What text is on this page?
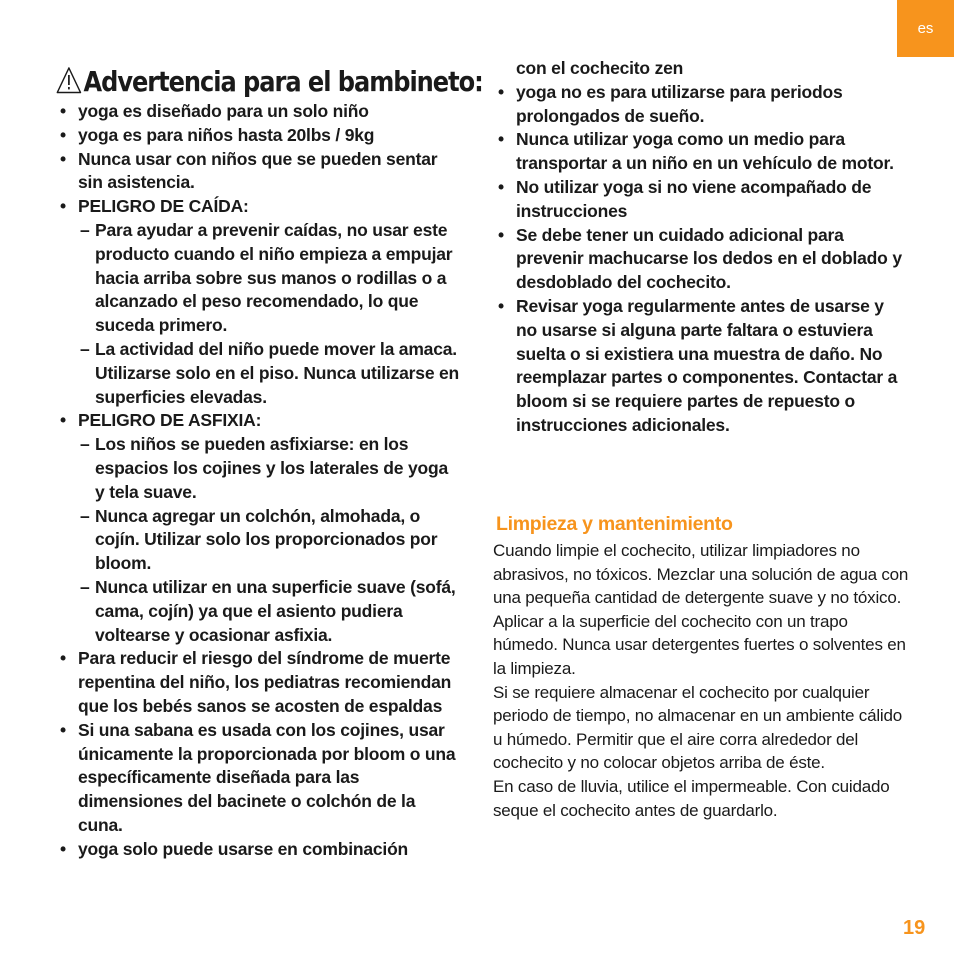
es
Advertencia para el bambineto:
• yoga es diseñado para un solo niño
• yoga es para niños hasta 20lbs / 9kg
• Nunca usar con niños que se pueden sentar sin asistencia.
• PELIGRO DE CAÍDA:
– Para ayudar a prevenir caídas, no usar este producto cuando el niño empieza a empujar hacia arriba sobre sus manos o rodillas o a alcanzado el peso recomendado, lo que suceda primero.
– La actividad del niño puede mover la amaca. Utilizarse solo en el piso. Nunca utilizarse en superficies elevadas.
• PELIGRO DE ASFIXIA:
– Los niños se pueden asfixiarse: en los espacios los cojines y los laterales de yoga y tela suave.
– Nunca agregar un colchón, almohada, o cojín. Utilizar solo los proporcionados por bloom.
– Nunca utilizar en una superficie suave (sofá, cama, cojín) ya que el asiento pudiera voltearse y ocasionar asfixia.
• Para reducir el riesgo del síndrome de muerte repentina del niño, los pediatras recomiendan que los bebés sanos se acosten de espaldas
• Si una sabana es usada con los cojines, usar únicamente la proporcionada por bloom o una específicamente diseñada para las dimensiones del bacinete o colchón de la cuna.
• yoga solo puede usarse en combinación
con el cochecito zen
• yoga no es para utilizarse para periodos prolongados de sueño.
• Nunca utilizar yoga como un medio para transportar a un niño en un vehículo de motor.
• No utilizar yoga si no viene acompañado de instrucciones
• Se debe tener un cuidado adicional para prevenir machucarse los dedos en el doblado y desdoblado del cochecito.
• Revisar yoga regularmente antes de usarse y no usarse si alguna parte faltara o estuviera suelta o si existiera una muestra de daño. No reemplazar partes o componentes. Contactar a bloom si se requiere partes de repuesto o instrucciones adicionales.
Limpieza y mantenimiento

Cuando limpie el cochecito, utilizar limpiadores no abrasivos, no tóxicos. Mezclar una solución de agua con una pequeña cantidad de detergente suave y no tóxico. Aplicar a la superficie del cochecito con un trapo húmedo. Nunca usar detergentes fuertes o solventes en la limpieza.

Si se requiere almacenar el cochecito por cualquier periodo de tiempo, no almacenar en un ambiente cálido u húmedo. Permitir que el aire corra alrededor del cochecito y no colocar objetos arriba de éste.

En caso de lluvia, utilice el impermeable. Con cuidado seque el cochecito antes de guardarlo.

19
